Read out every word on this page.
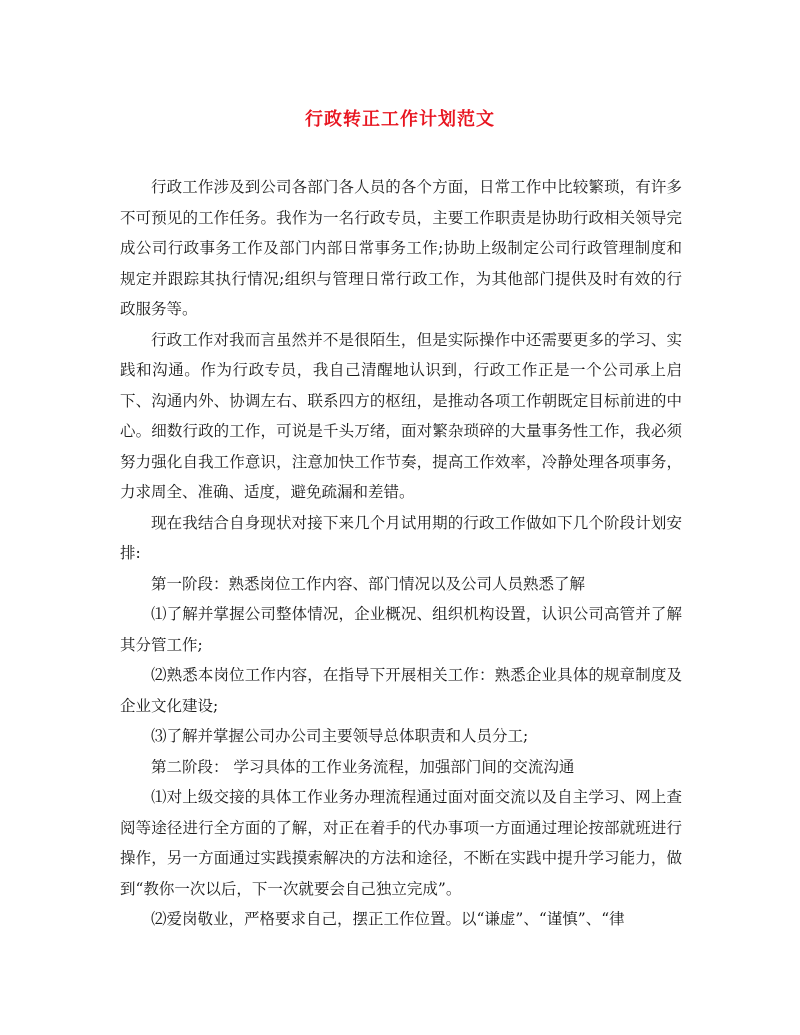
行政转正工作计划范文

行政工作涉及到公司各部门各人员的各个方面，日常工作中比较繁琐，有许多不可预见的工作任务。我作为一名行政专员，主要工作职责是协助行政相关领导完成公司行政事务工作及部门内部日常事务工作;协助上级制定公司行政管理制度和规定并跟踪其执行情况;组织与管理日常行政工作，为其他部门提供及时有效的行政服务等。

行政工作对我而言虽然并不是很陌生，但是实际操作中还需要更多的学习、实践和沟通。作为行政专员，我自己清醒地认识到，行政工作正是一个公司承上启下、沟通内外、协调左右、联系四方的枢纽，是推动各项工作朝既定目标前进的中心。细数行政的工作，可说是千头万绪，面对繁杂琐碎的大量事务性工作，我必须努力强化自我工作意识，注意加快工作节奏，提高工作效率，冷静处理各项事务，力求周全、准确、适度，避免疏漏和差错。

现在我结合自身现状对接下来几个月试用期的行政工作做如下几个阶段计划安排:

第一阶段：熟悉岗位工作内容、部门情况以及公司人员熟悉了解

⑴了解并掌握公司整体情况，企业概况、组织机构设置，认识公司高管并了解其分管工作;

⑵熟悉本岗位工作内容，在指导下开展相关工作：熟悉企业具体的规章制度及企业文化建设;

⑶了解并掌握公司办公司主要领导总体职责和人员分工;

第二阶段： 学习具体的工作业务流程，加强部门间的交流沟通

⑴对上级交接的具体工作业务办理流程通过面对面交流以及自主学习、网上查阅等途径进行全方面的了解，对正在着手的代办事项一方面通过理论按部就班进行操作，另一方面通过实践摸索解决的方法和途径，不断在实践中提升学习能力，做到“教你一次以后，下一次就要会自己独立完成”。

⑵爱岗敬业，严格要求自己，摆正工作位置。以“谦虚”、“谨慎”、“律
